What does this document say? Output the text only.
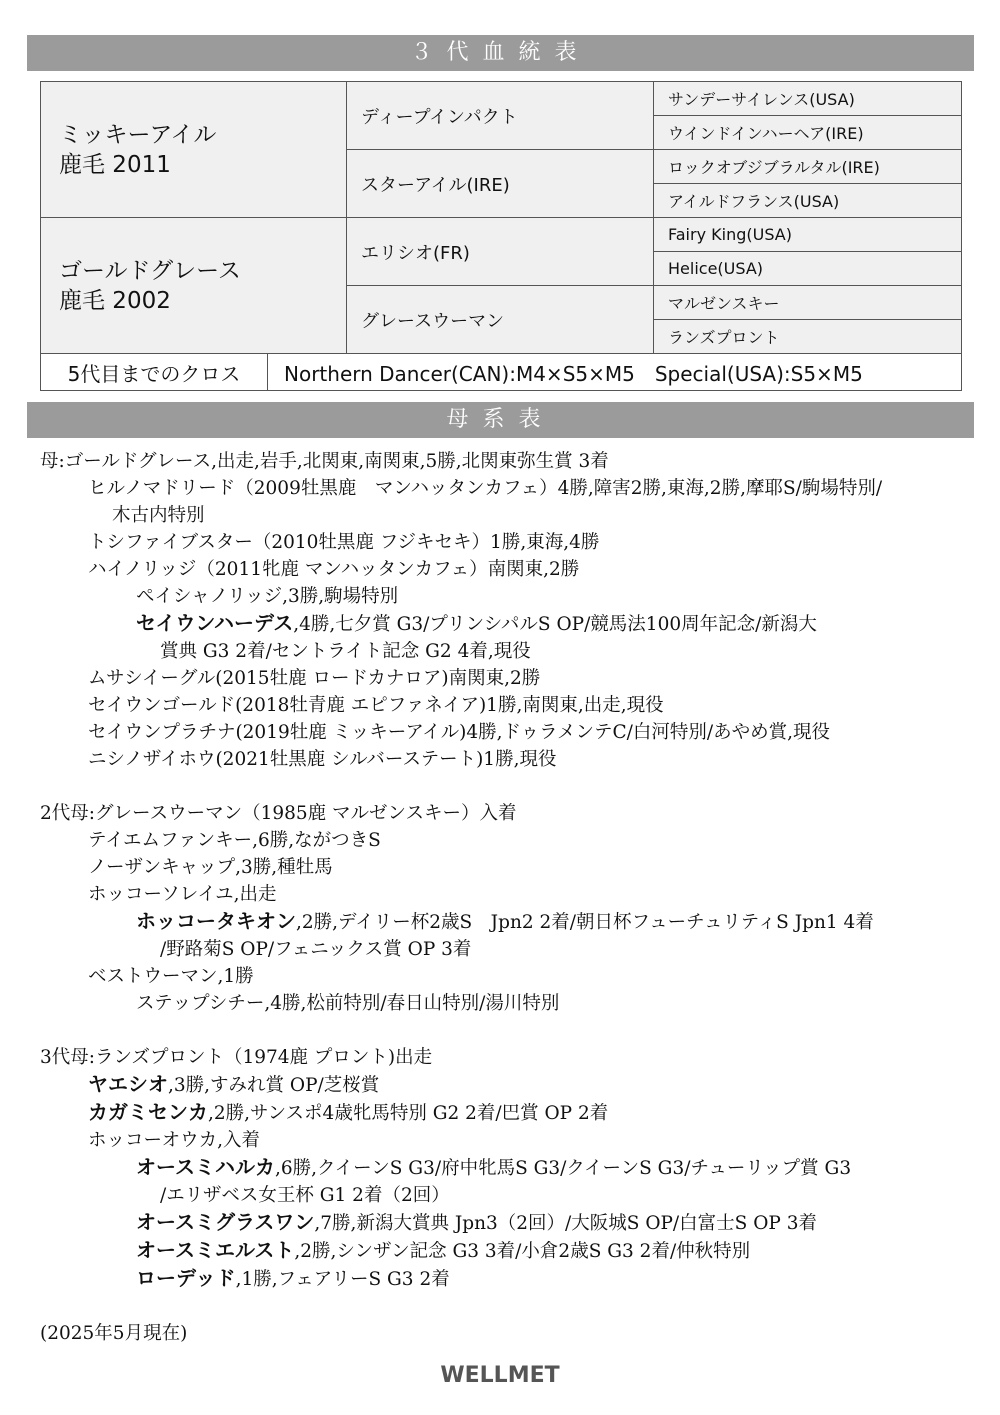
３代血統表
ミッキーアイル
鹿毛 2011		ディープインパクト	サンデーサイレンス(USA)
			ウインドインハーヘア(IRE)
		スターアイル(IRE)	ロックオブジブラルタル(IRE)
			アイルドフランス(USA)

ゴールドグレース
鹿毛 2002		エリシオ(FR)	Fairy King(USA)
			Helice(USA)
		グレースウーマン	マルゼンスキー
			ランズプロント
5代目までのクロス	Northern Dancer(CAN):M4×S5×M5　Special(USA):S5×M5		
母系表
母:ゴールドグレース,出走,岩手,北関東,南関東,5勝,北関東弥生賞 3着
ヒルノマドリード（2009牡黒鹿　マンハッタンカフェ）4勝,障害2勝,東海,2勝,摩耶S/駒場特別/
木古内特別
トシファイブスター（2010牡黒鹿 フジキセキ）1勝,東海,4勝
ハイノリッジ（2011牝鹿 マンハッタンカフェ）南関東,2勝
ペイシャノリッジ,3勝,駒場特別
セイウンハーデス,4勝,七夕賞 G3/プリンシパルS OP/競馬法100周年記念/新潟大
賞典 G3 2着/セントライト記念 G2 4着,現役
ムサシイーグル(2015牡鹿 ロードカナロア)南関東,2勝
セイウンゴールド(2018牡青鹿 エピファネイア)1勝,南関東,出走,現役
セイウンプラチナ(2019牡鹿 ミッキーアイル)4勝,ドゥラメンテC/白河特別/あやめ賞,現役
ニシノザイホウ(2021牡黒鹿 シルバーステート)1勝,現役
2代母:グレースウーマン（1985鹿 マルゼンスキー）入着
テイエムファンキー,6勝,ながつきS
ノーザンキャップ,3勝,種牡馬
ホッコーソレイユ,出走
ホッコータキオン,2勝,デイリー杯2歳S　Jpn2 2着/朝日杯フューチュリティS Jpn1 4着
/野路菊S OP/フェニックス賞 OP 3着
ベストウーマン,1勝
ステップシチー,4勝,松前特別/春日山特別/湯川特別
3代母:ランズプロント（1974鹿 プロント)出走
ヤエシオ,3勝,すみれ賞 OP/芝桜賞
カガミセンカ,2勝,サンスポ4歳牝馬特別 G2 2着/巴賞 OP 2着
ホッコーオウカ,入着
オースミハルカ,6勝,クイーンS G3/府中牝馬S G3/クイーンS G3/チューリップ賞 G3
/エリザベス女王杯 G1 2着（2回）
オースミグラスワン,7勝,新潟大賞典 Jpn3（2回）/大阪城S OP/白富士S OP 3着
オースミエルスト,2勝,シンザン記念 G3 3着/小倉2歳S G3 2着/仲秋特別
ローデッド,1勝,フェアリーS G3 2着
(2025年5月現在)
WELLMET
